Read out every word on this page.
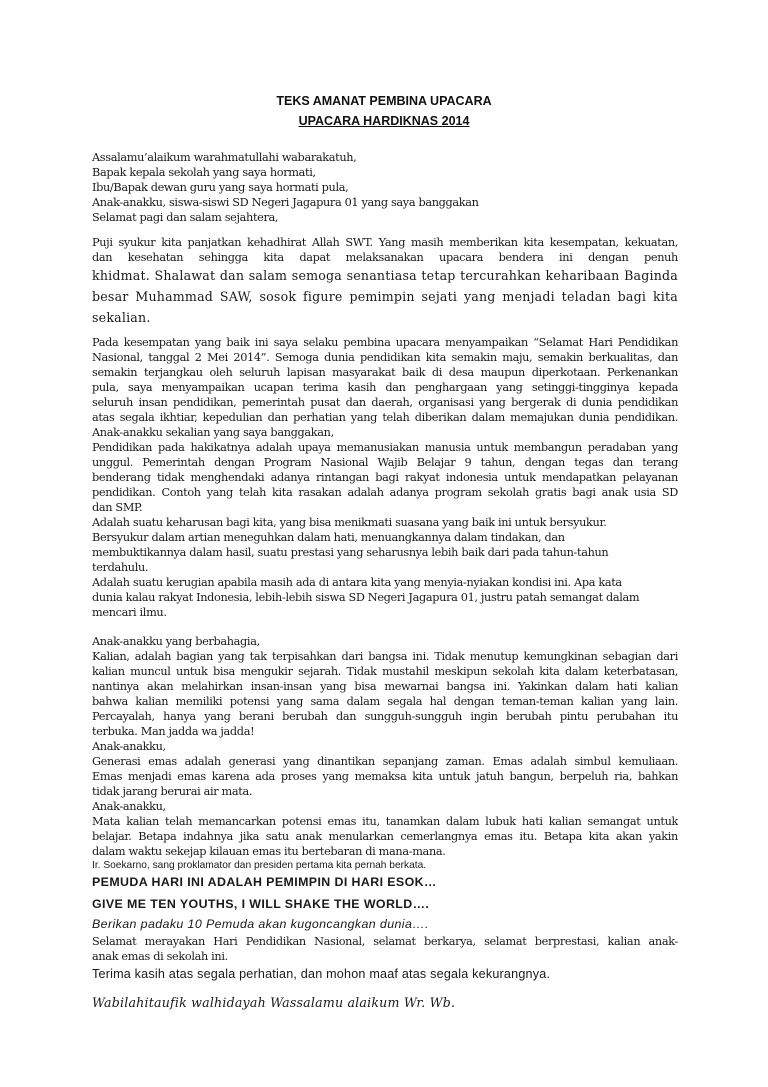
TEKS AMANAT PEMBINA UPACARA
UPACARA HARDIKNAS 2014
Assalamu’alaikum warahmatullahi wabarakatuh,
Bapak kepala sekolah yang saya hormati,
Ibu/Bapak dewan guru yang saya hormati pula,
Anak-anakku, siswa-siswi SD Negeri Jagapura 01 yang saya banggakan
Selamat pagi dan salam sejahtera,
Puji syukur kita panjatkan kehadhirat Allah SWT. Yang masih memberikan kita kesempatan, kekuatan,
dan kesehatan sehingga kita dapat melaksanakan upacara bendera ini dengan penuh
khidmat. Shalawat dan salam semoga senantiasa tetap tercurahkan keharibaan Baginda
besar Muhammad SAW, sosok figure pemimpin sejati yang menjadi teladan bagi kita
sekalian.
Pada kesempatan yang baik ini saya selaku pembina upacara menyampaikan “Selamat Hari Pendidikan
Nasional, tanggal 2 Mei 2014”. Semoga dunia pendidikan kita semakin maju, semakin berkualitas, dan
semakin terjangkau oleh seluruh lapisan masyarakat baik di desa maupun diperkotaan. Perkenankan
pula, saya menyampaikan ucapan terima kasih dan penghargaan yang setinggi-tingginya kepada
seluruh insan pendidikan, pemerintah pusat dan daerah, organisasi yang bergerak di dunia pendidikan
atas segala ikhtiar, kepedulian dan perhatian yang telah diberikan dalam memajukan dunia pendidikan.
Anak-anakku sekalian yang saya banggakan,
Pendidikan pada hakikatnya adalah upaya memanusiakan manusia untuk membangun peradaban yang
unggul. Pemerintah dengan Program Nasional Wajib Belajar 9 tahun, dengan tegas dan terang
benderang tidak menghendaki adanya rintangan bagi rakyat indonesia untuk mendapatkan pelayanan
pendidikan. Contoh yang telah kita rasakan adalah adanya program sekolah gratis bagi anak usia SD
dan SMP.
Adalah suatu keharusan bagi kita, yang bisa menikmati suasana yang baik ini untuk bersyukur.
Bersyukur dalam artian meneguhkan dalam hati, menuangkannya dalam tindakan, dan
membuktikannya dalam hasil, suatu prestasi yang seharusnya lebih baik dari pada tahun-tahun
terdahulu.
Adalah suatu kerugian apabila masih ada di antara kita yang menyia-nyiakan kondisi ini. Apa kata
dunia kalau rakyat Indonesia, lebih-lebih siswa SD Negeri Jagapura 01, justru patah semangat dalam
mencari ilmu.
Anak-anakku yang berbahagia,
Kalian, adalah bagian yang tak terpisahkan dari bangsa ini. Tidak menutup kemungkinan sebagian dari
kalian muncul untuk bisa mengukir sejarah. Tidak mustahil meskipun sekolah kita dalam keterbatasan,
nantinya akan melahirkan insan-insan yang bisa mewarnai bangsa ini. Yakinkan dalam hati kalian
bahwa kalian memiliki potensi yang sama dalam segala hal dengan teman-teman kalian yang lain.
Percayalah, hanya yang berani berubah dan sungguh-sungguh ingin berubah pintu perubahan itu
terbuka. Man jadda wa jadda!
Anak-anakku,
Generasi emas adalah generasi yang dinantikan sepanjang zaman. Emas adalah simbul kemuliaan.
Emas menjadi emas karena ada proses yang memaksa kita untuk jatuh bangun, berpeluh ria, bahkan
tidak jarang berurai air mata.
Anak-anakku,
Mata kalian telah memancarkan potensi emas itu, tanamkan dalam lubuk hati kalian semangat untuk
belajar. Betapa indahnya jika satu anak menularkan cemerlangnya emas itu. Betapa kita akan yakin
dalam waktu sekejap kilauan emas itu bertebaran di mana-mana.
Ir. Soekarno, sang proklamator dan presiden pertama kita pernah berkata.
PEMUDA HARI INI ADALAH PEMIMPIN DI HARI ESOK…
GIVE ME TEN YOUTHS, I WILL SHAKE THE WORLD….
Berikan padaku 10 Pemuda akan kugoncangkan dunia….
Selamat merayakan Hari Pendidikan Nasional, selamat berkarya, selamat berprestasi, kalian anak-
anak emas di sekolah ini.
Terima kasih atas segala perhatian, dan mohon maaf atas segala kekurangnya.
Wabilahitaufik walhidayah Wassalamu alaikum Wr. Wb.
